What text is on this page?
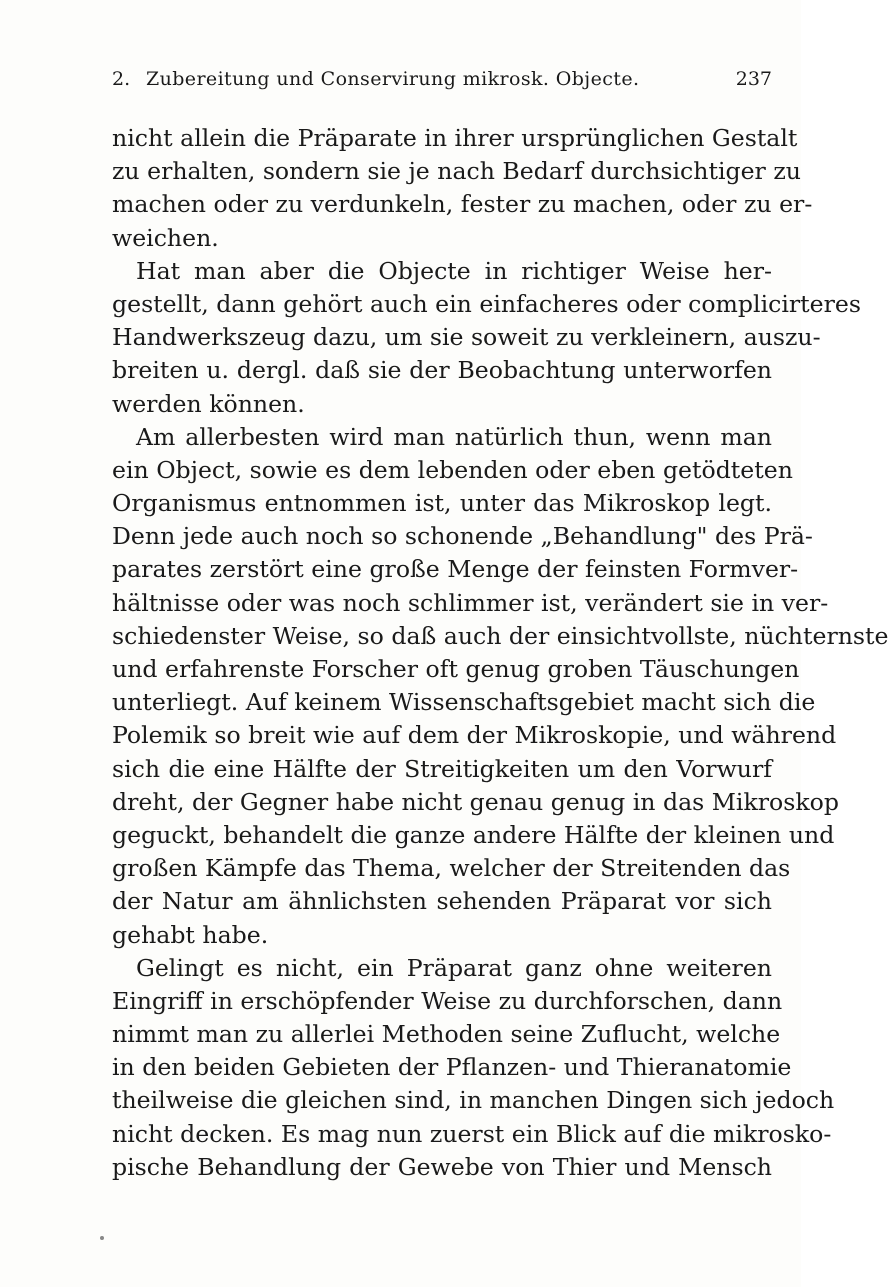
2. Zubereitung und Conservirung mikrosk. Objecte.	237
nicht allein die Präparate in ihrer ursprünglichen Gestalt
zu erhalten, sondern sie je nach Bedarf durchsichtiger zu
machen oder zu verdunkeln, fester zu machen, oder zu er-
weichen.
Hat man aber die Objecte in richtiger Weise her-
gestellt, dann gehört auch ein einfacheres oder complicirteres
Handwerkszeug dazu, um sie soweit zu verkleinern, auszu-
breiten u. dergl. daß sie der Beobachtung unterworfen
werden können.
Am allerbesten wird man natürlich thun, wenn man
ein Object, sowie es dem lebenden oder eben getödteten
Organismus entnommen ist, unter das Mikroskop legt.
Denn jede auch noch so schonende „Behandlung" des Prä-
parates zerstört eine große Menge der feinsten Formver-
hältnisse oder was noch schlimmer ist, verändert sie in ver-
schiedenster Weise, so daß auch der einsichtvollste, nüchternste
und erfahrenste Forscher oft genug groben Täuschungen
unterliegt. Auf keinem Wissenschaftsgebiet macht sich die
Polemik so breit wie auf dem der Mikroskopie, und während
sich die eine Hälfte der Streitigkeiten um den Vorwurf
dreht, der Gegner habe nicht genau genug in das Mikroskop
geguckt, behandelt die ganze andere Hälfte der kleinen und
großen Kämpfe das Thema, welcher der Streitenden das
der Natur am ähnlichsten sehenden Präparat vor sich
gehabt habe.
Gelingt es nicht, ein Präparat ganz ohne weiteren
Eingriff in erschöpfender Weise zu durchforschen, dann
nimmt man zu allerlei Methoden seine Zuflucht, welche
in den beiden Gebieten der Pflanzen- und Thieranatomie
theilweise die gleichen sind, in manchen Dingen sich jedoch
nicht decken. Es mag nun zuerst ein Blick auf die mikrosko-
pische Behandlung der Gewebe von Thier und Mensch
